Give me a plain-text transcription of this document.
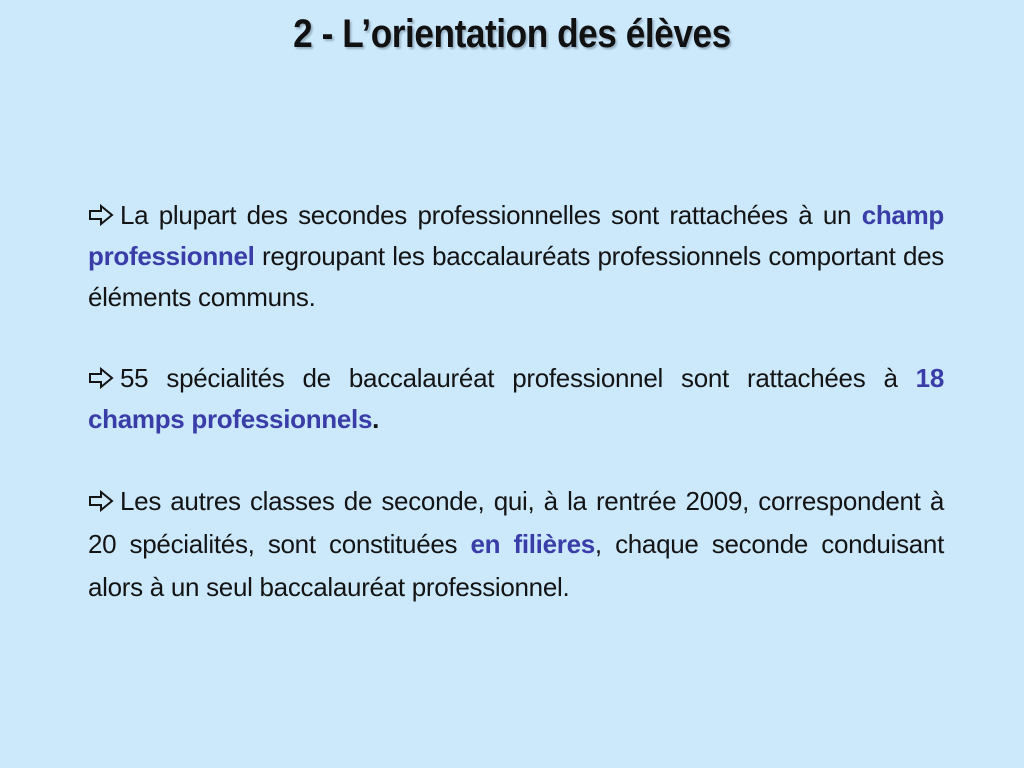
2 - L’orientation des élèves

La plupart des secondes professionnelles sont rattachées à un champ professionnel regroupant les baccalauréats professionnels comportant des éléments communs.

55 spécialités de baccalauréat professionnel sont rattachées à 18 champs professionnels.

Les autres classes de seconde, qui, à la rentrée 2009, correspondent à 20 spécialités, sont constituées en filières, chaque seconde conduisant alors à un seul baccalauréat professionnel.
